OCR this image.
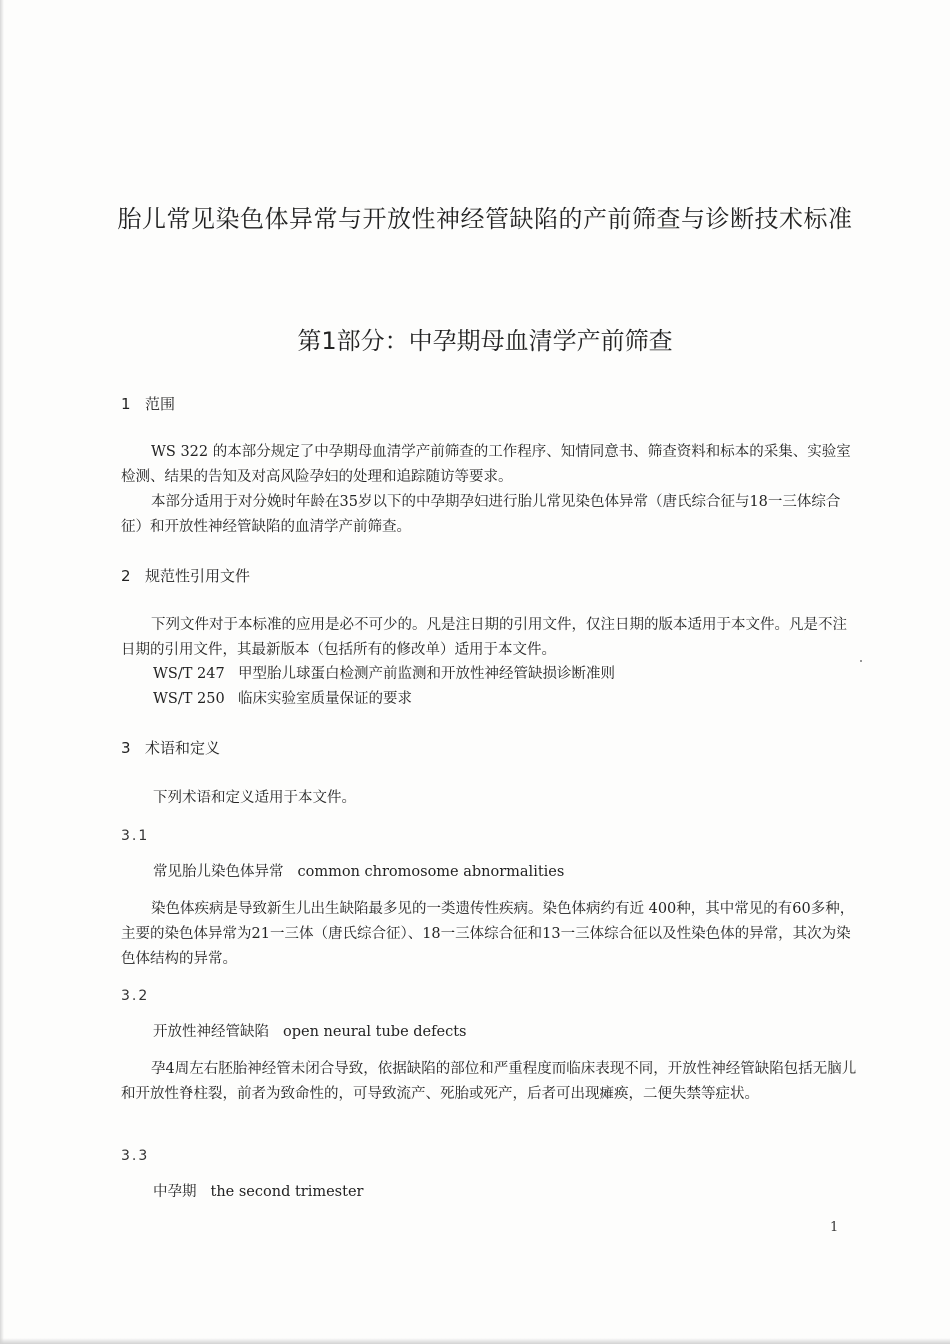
胎儿常见染色体异常与开放性神经管缺陷的产前筛查与诊断技术标准
第1部分：中孕期母血清学产前筛查
1 范围
WS 322 的本部分规定了中孕期母血清学产前筛查的工作程序、知情同意书、筛查资料和标本的采集、实验室检测、结果的告知及对高风险孕妇的处理和追踪随访等要求。
本部分适用于对分娩时年龄在35岁以下的中孕期孕妇进行胎儿常见染色体异常（唐氏综合征与18一三体综合征）和开放性神经管缺陷的血清学产前筛查。
2 规范性引用文件
下列文件对于本标准的应用是必不可少的。凡是注日期的引用文件，仅注日期的版本适用于本文件。凡是不注日期的引用文件，其最新版本（包括所有的修改单）适用于本文件。
WS/T 247 甲型胎儿球蛋白检测产前监测和开放性神经管缺损诊断准则
WS/T 250 临床实验室质量保证的要求
3 术语和定义
下列术语和定义适用于本文件。
3.1
常见胎儿染色体异常 common chromosome abnormalities
染色体疾病是导致新生儿出生缺陷最多见的一类遗传性疾病。染色体病约有近 400种，其中常见的有60多种，主要的染色体异常为21一三体（唐氏综合征）、18一三体综合征和13一三体综合征以及性染色体的异常，其次为染色体结构的异常。
3.2
开放性神经管缺陷 open neural tube defects
孕4周左右胚胎神经管未闭合导致，依据缺陷的部位和严重程度而临床表现不同，开放性神经管缺陷包括无脑儿和开放性脊柱裂，前者为致命性的，可导致流产、死胎或死产，后者可出现瘫痪，二便失禁等症状。
3.3
中孕期 the second trimester
1
